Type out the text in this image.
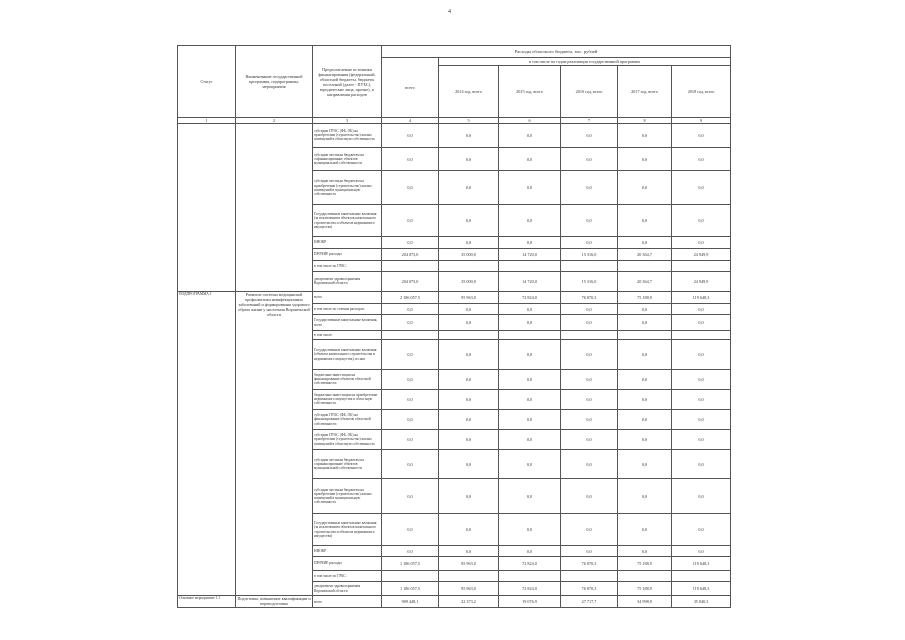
4
Статус	Наименование государственной программы, подпрограммы, мероприятия	Предполагаемые источники финансирования (федеральный, областной бюджеты, бюджеты поселений (далее - ПУБС), юридические лица, прочие), и направления расходов	Расходы областного бюджета, тыс. рублей					
			всего	в том числе по годам реализации государственной программы				
				2014 год, всего	2015 год, всего	2016 год, всего	2017 год, всего	2018 год, всего
1	2	3	4	5	6	7	8	9
		субсидии ПУБС (ФБ, ОБ) на приобретение (строительство) жилых помещений в областную собственность	0,0	0,0	0,0	0,0	0,0	0,0
		субсидии местным бюджетам на софинансирование объектов муниципальной собственности	0,0	0,0	0,0	0,0	0,0	0,0
		субсидии местным бюджетам на приобретение (строительство) жилых помещений в муниципальную собственность	0,0	0,0	0,0	0,0	0,0	0,0
		Государственные капитальные вложения (за исключением объектов капитального строительства и объектов недвижимого имущества)	0,0	0,0	0,0	0,0	0,0	0,0
		НИОКР	0,0	0,0	0,0	0,0	0,0	0,0
		ПРОЧИЕ расходы	204 075,0	35 000,0	14 720,0	15 316,0	20 364,7	24 949,9
		в том числе по ГРБС:						
		департамент здравоохранения Воронежской области	204 075,0	35 000,0	14 720,0	15 316,0	20 364,7	24 949,9
ПОДПРОГРАММА 1	Развитие системы медицинской профилактики неинфекционных заболеваний и формирования здорового образа жизни у населения Воронежской области	всего	2 186 057,5	95 963,0	72 824,0	76 870,3	75 188,9	119 648,3
		в том числе по статьям расходов:	0,0	0,0	0,0	0,0	0,0	0,0
		Государственные капитальные вложения, всего	0,0	0,0	0,0	0,0	0,0	0,0
		в том числе:						
		Государственные капитальные вложения (объекты капитального строительства и недвижимого имущества), из них	0,0	0,0	0,0	0,0	0,0	0,0
		бюджетные инвестиции на финансирование объектов областной собственности	0,0	0,0	0,0	0,0	0,0	0,0
		бюджетные инвестиции на приобретение недвижимого имущества в областную собственность	0,0	0,0	0,0	0,0	0,0	0,0
		субсидии ПУБС (ФБ, ОБ) на финансирование объектов областной собственности	0,0	0,0	0,0	0,0	0,0	0,0
		субсидии ПУБС (ФБ, ОБ) на приобретение (строительство) жилых помещений в областную собственность	0,0	0,0	0,0	0,0	0,0	0,0
		субсидии местным бюджетам на софинансирование объектов муниципальной собственности	0,0	0,0	0,0	0,0	0,0	0,0
		субсидии местным бюджетам на приобретение (строительство) жилых помещений в муниципальную собственность	0,0	0,0	0,0	0,0	0,0	0,0
		Государственные капитальные вложения (за исключением объектов капитального строительства и объектов недвижимого имущества)	0,0	0,0	0,0	0,0	0,0	0,0
		НИОКР	0,0	0,0	0,0	0,0	0,0	0,0
		ПРОЧИЕ расходы	1 186 057,5	95 963,0	72 824,0	76 870,3	75 188,9	119 648,3
		в том числе по ГРБС:						
		департамент здравоохранения Воронежской области	1 186 057,5	95 963,0	72 824,0	76 870,3	75 188,9	119 648,3
Основное мероприятие 1.1	Подготовка, повышение квалификации и переподготовка	всего	909 448,1	22 373,2	19 076,9	27 717,7	34 998,9	35 040,3
